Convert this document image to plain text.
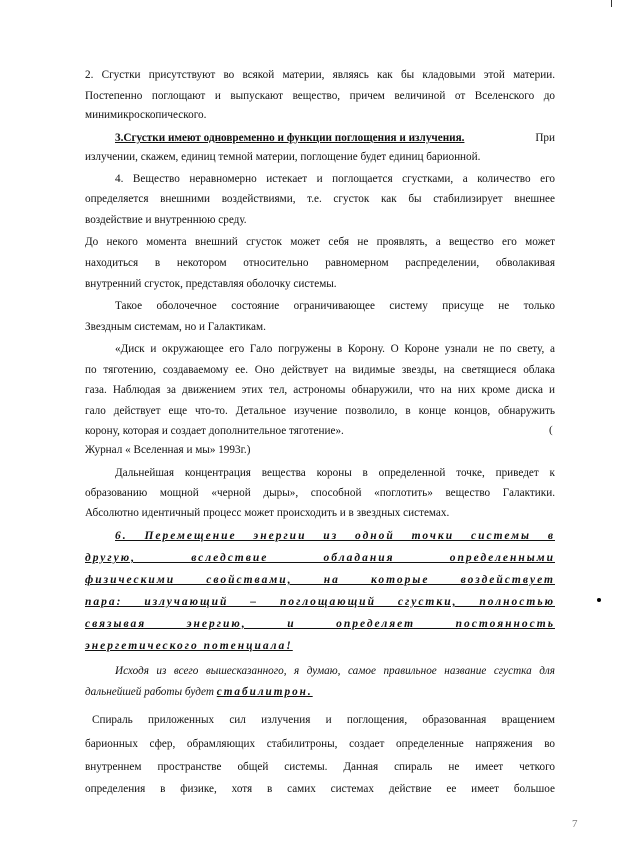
2. Сгустки присутствуют во всякой материи, являясь как бы кладовыми этой материи.
Постепенно поглощают и выпускают вещество, причем величиной от Вселенского до
минимикроскопического.
3.Сгустки имеют одновременно и функции поглощения и излучения.	При
излучении, скажем, единиц темной материи, поглощение будет единиц барионной.
4. Вещество неравномерно истекает и поглощается сгустками, а количество его
определяется внешними воздействиями, т.е. сгусток как бы стабилизирует внешнее
воздействие и внутреннюю среду.
До некого момента внешний сгусток может себя не проявлять, а вещество его может
находиться в некотором относительно равномерном распределении, обволакивая
внутренний сгусток, представляя оболочку системы.
Такое оболочечное состояние ограничивающее систему присуще не только
Звездным системам, но и Галактикам.
«Диск и окружающее его Гало погружены в Корону. О Короне узнали не по свету, а
по тяготению, создаваемому ее. Оно действует на видимые звезды, на светящиеся облака
газа. Наблюдая за движением этих тел, астрономы обнаружили, что на них кроме диска и
гало действует еще что-то. Детальное изучение позволило, в конце концов, обнаружить
корону, которая и создает дополнительное тяготение».	(
Журнал « Вселенная и мы» 1993г.)
Дальнейшая концентрация вещества короны в определенной точке, приведет к
образованию мощной «черной дыры», способной «поглотить» вещество Галактики.
Абсолютно идентичный процесс может происходить и в звездных системах.
6. Перемещение энергии из одной точки системы в
другую, вследствие обладания определенными
физическими свойствами, на которые воздействует
пара: излучающий – поглощающий сгустки, полностью
связывая энергию, и определяет постоянность
энергетического потенциала!
Исходя из всего вышесказанного, я думаю, самое правильное название сгустка для
дальнейшей работы будет стабилитрон.
Спираль приложенных сил излучения и поглощения, образованная вращением
барионных сфер, обрамляющих стабилитроны, создает определенные напряжения во
внутреннем пространстве общей системы. Данная спираль не имеет четкого
определения в физике, хотя в самих системах действие ее имеет большое
7
